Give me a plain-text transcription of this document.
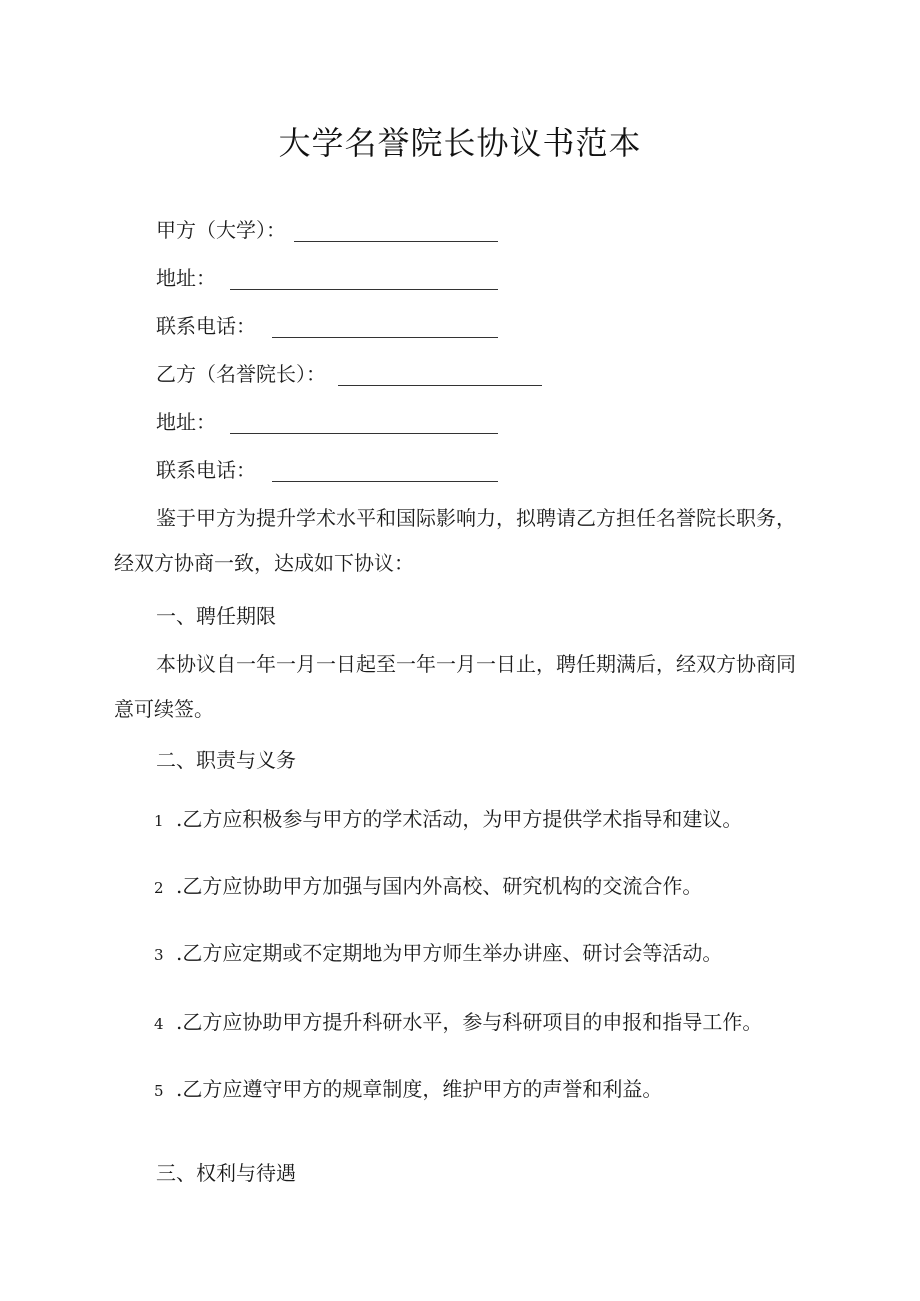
大学名誉院长协议书范本
甲方（大学）：
地址：
联系电话：
乙方（名誉院长）：
地址：
联系电话：
鉴于甲方为提升学术水平和国际影响力，拟聘请乙方担任名誉院长职务，经双方协商一致，达成如下协议：
一、聘任期限
本协议自一年一月一日起至一年一月一日止，聘任期满后，经双方协商同意可续签。
二、职责与义务
1 .乙方应积极参与甲方的学术活动，为甲方提供学术指导和建议。
2 .乙方应协助甲方加强与国内外高校、研究机构的交流合作。
3 .乙方应定期或不定期地为甲方师生举办讲座、研讨会等活动。
4 .乙方应协助甲方提升科研水平，参与科研项目的申报和指导工作。
5 .乙方应遵守甲方的规章制度，维护甲方的声誉和利益。
三、权利与待遇
